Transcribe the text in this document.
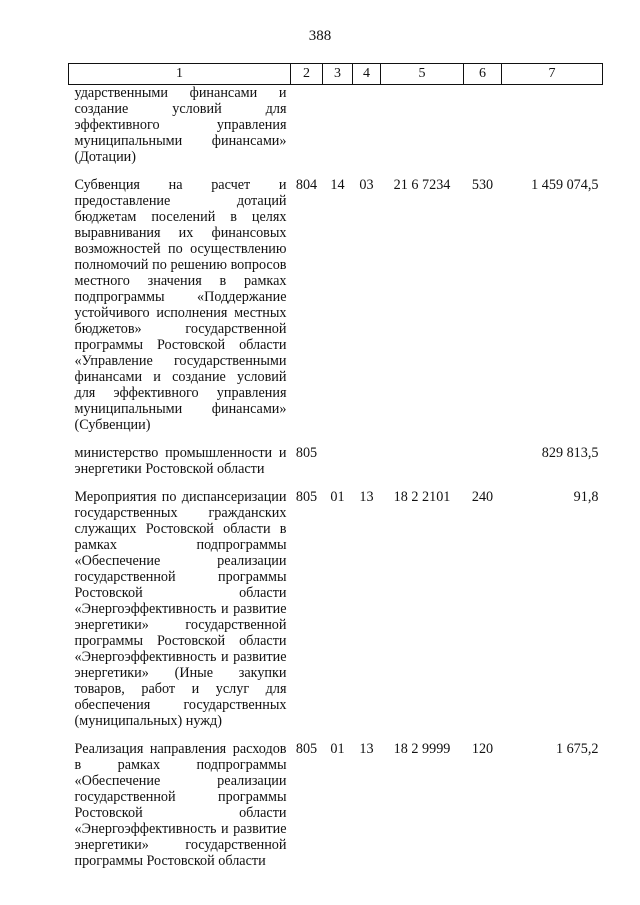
388
1	2	3	4	5	6	7
ударственными финансами и создание условий для эффективного управления муниципальными финансами» (Дотации)						
Субвенция на расчет и предоставление дотаций бюджетам поселений в целях выравнивания их финансовых возможностей по осуществлению полномочий по решению вопросов местного значения в рамках подпрограммы «Поддержание устойчивого исполнения местных бюджетов» государственной программы Ростовской области «Управление государственными финансами и создание условий для эффективного управления муниципальными финансами» (Субвенции)	804	14	03	21 6 7234	530	1 459 074,5
министерство промышленности и энергетики Ростовской области	805					829 813,5
Мероприятия по диспансеризации государственных гражданских служащих Ростовской области в рамках подпрограммы «Обеспечение реализации государственной программы Ростовской области «Энергоэффективность и развитие энергетики» государственной программы Ростовской области «Энергоэффективность и развитие энергетики» (Иные закупки товаров, работ и услуг для обеспечения государственных (муниципальных) нужд)	805	01	13	18 2 2101	240	91,8
Реализация направления расходов в рамках подпрограммы «Обеспечение реализации государственной программы Ростовской области «Энергоэффективность и развитие энергетики» государственной программы Ростовской области	805	01	13	18 2 9999	120	1 675,2
